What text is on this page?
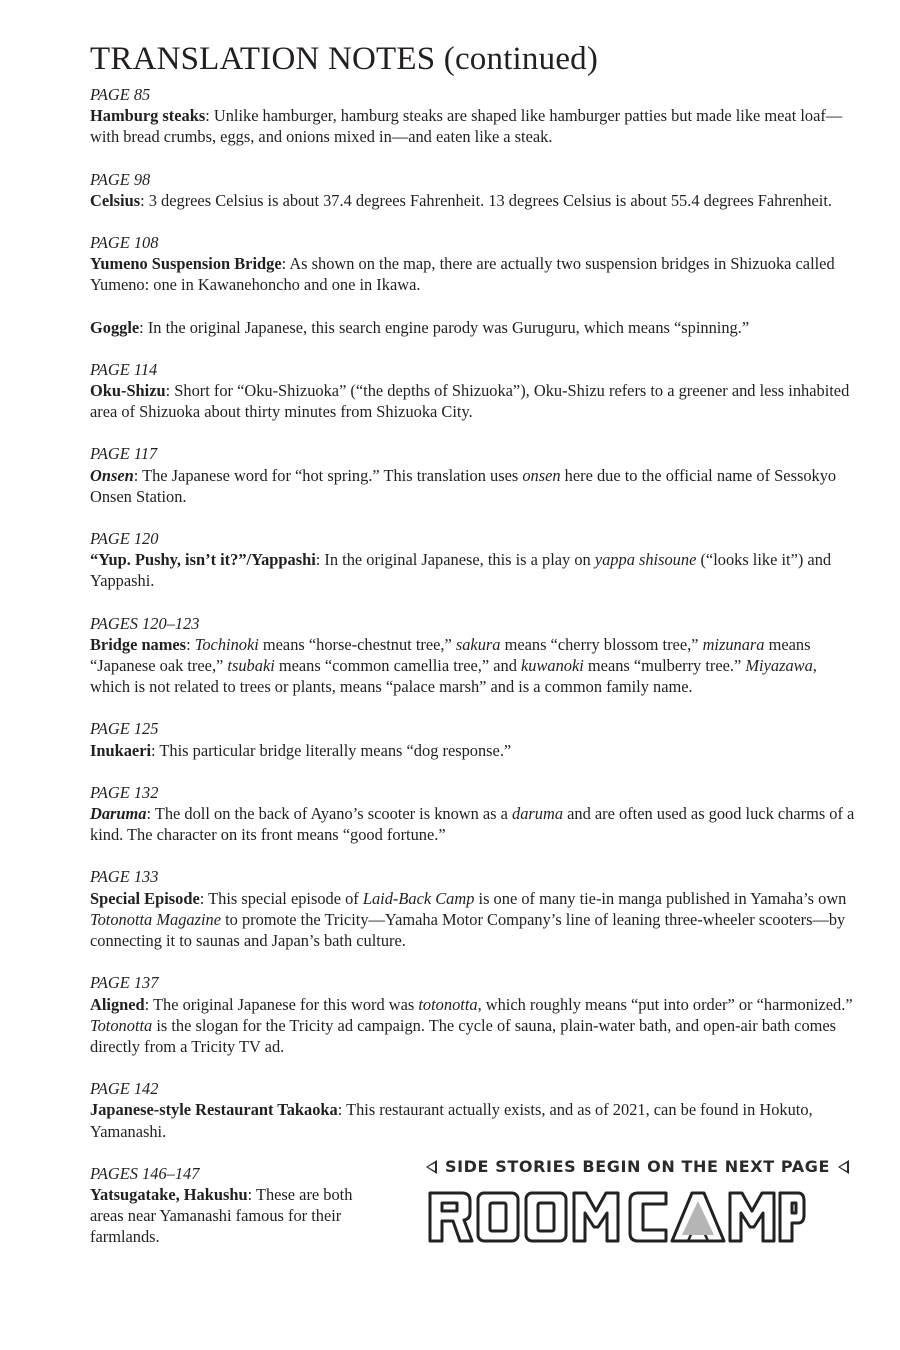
TRANSLATION NOTES (continued)
PAGE 85
Hamburg steaks: Unlike hamburger, hamburg steaks are shaped like hamburger patties but made like meat loaf—with bread crumbs, eggs, and onions mixed in—and eaten like a steak.
PAGE 98
Celsius: 3 degrees Celsius is about 37.4 degrees Fahrenheit. 13 degrees Celsius is about 55.4 degrees Fahrenheit.
PAGE 108
Yumeno Suspension Bridge: As shown on the map, there are actually two suspension bridges in Shizuoka called Yumeno: one in Kawanehoncho and one in Ikawa.
Goggle: In the original Japanese, this search engine parody was Guruguru, which means “spinning.”
PAGE 114
Oku-Shizu: Short for “Oku-Shizuoka” (“the depths of Shizuoka”), Oku-Shizu refers to a greener and less inhabited area of Shizuoka about thirty minutes from Shizuoka City.
PAGE 117
Onsen: The Japanese word for “hot spring.” This translation uses onsen here due to the official name of Sessokyo Onsen Station.
PAGE 120
“Yup. Pushy, isn’t it?”/Yappashi: In the original Japanese, this is a play on yappa shisoune (“looks like it”) and Yappashi.
PAGES 120–123
Bridge names: Tochinoki means “horse-chestnut tree,” sakura means “cherry blossom tree,” mizunara means “Japanese oak tree,” tsubaki means “common camellia tree,” and kuwanoki means “mulberry tree.” Miyazawa, which is not related to trees or plants, means “palace marsh” and is a common family name.
PAGE 125
Inukaeri: This particular bridge literally means “dog response.”
PAGE 132
Daruma: The doll on the back of Ayano’s scooter is known as a daruma and are often used as good luck charms of a kind. The character on its front means “good fortune.”
PAGE 133
Special Episode: This special episode of Laid-Back Camp is one of many tie-in manga published in Yamaha’s own Totonotta Magazine to promote the Tricity—Yamaha Motor Company’s line of leaning three-wheeler scooters—by connecting it to saunas and Japan’s bath culture.
PAGE 137
Aligned: The original Japanese for this word was totonotta, which roughly means “put into order” or “harmonized.” Totonotta is the slogan for the Tricity ad campaign. The cycle of sauna, plain-water bath, and open-air bath comes directly from a Tricity TV ad.
PAGE 142
Japanese-style Restaurant Takaoka: This restaurant actually exists, and as of 2021, can be found in Hokuto, Yamanashi.
PAGES 146–147
Yatsugatake, Hakushu: These are both areas near Yamanashi famous for their farmlands.
SIDE STORIES BEGIN ON THE NEXT PAGE
